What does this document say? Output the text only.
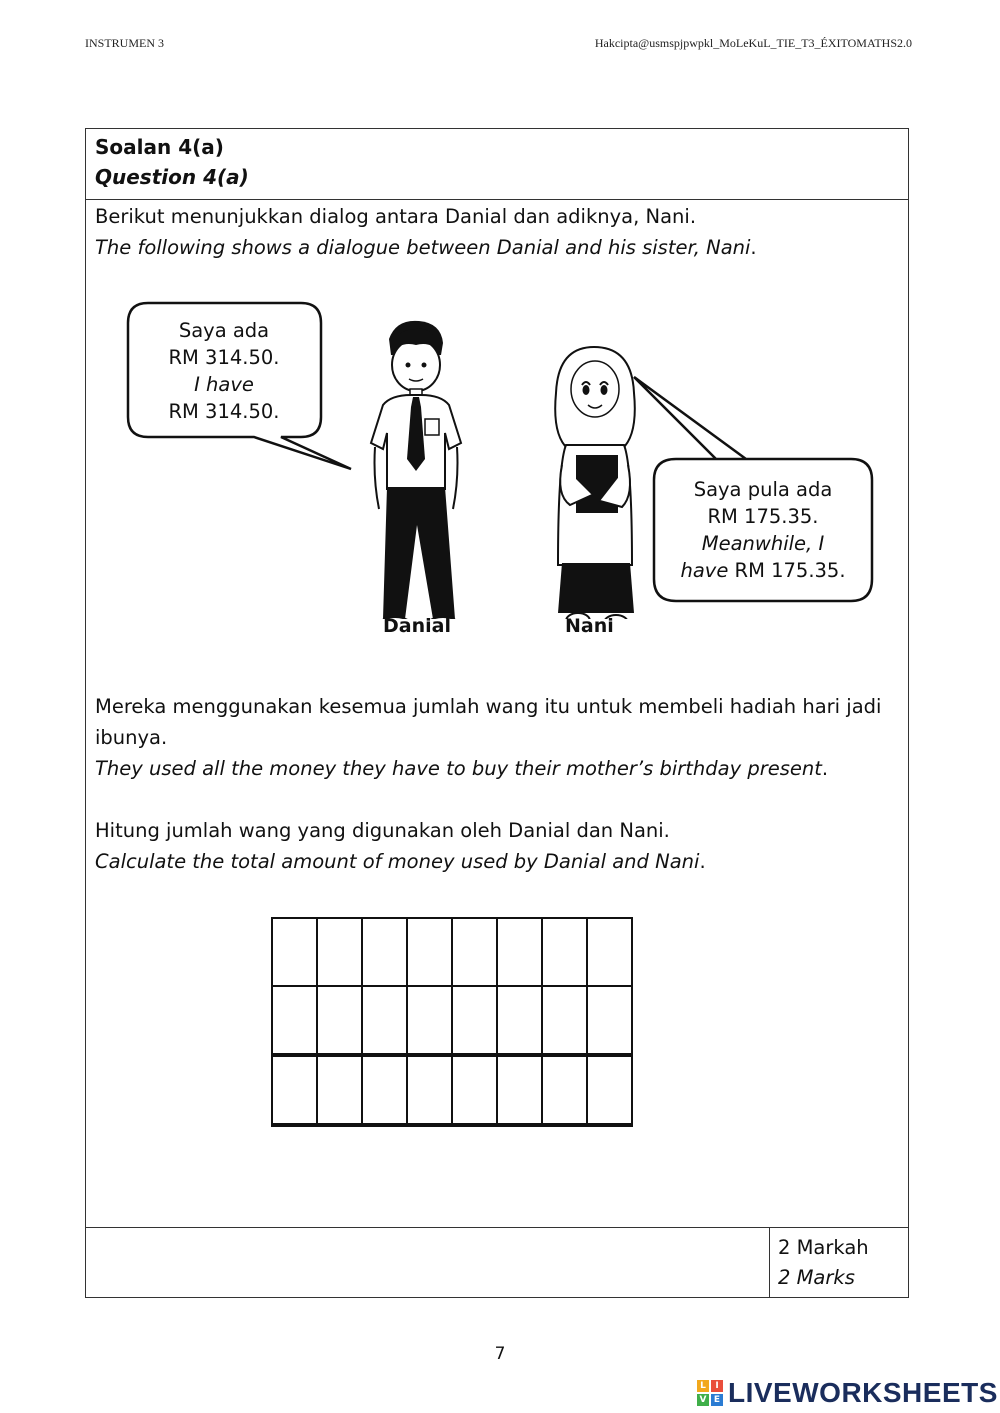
INSTRUMEN 3	Hakcipta@usmspjpwpkl_MoLeKuL_TIE_T3_ÉXITOMATHS2.0
Soalan 4(a)
Question 4(a)
Berikut menunjukkan dialog antara Danial dan adiknya, Nani.
The following shows a dialogue between Danial and his sister, Nani.
Saya ada
RM 314.50.
I have
RM 314.50.
Saya pula ada
RM 175.35.
Meanwhile, I
have RM 175.35.
Danial	Nani
Mereka menggunakan kesemua jumlah wang itu untuk membeli hadiah hari jadi ibunya.
They used all the money they have to buy their mother’s birthday present.
Hitung jumlah wang yang digunakan oleh Danial dan Nani.
Calculate the total amount of money used by Danial and Nani.

2 Markah
2 Marks
7
L	I
V E LIVEWORKSHEETS
